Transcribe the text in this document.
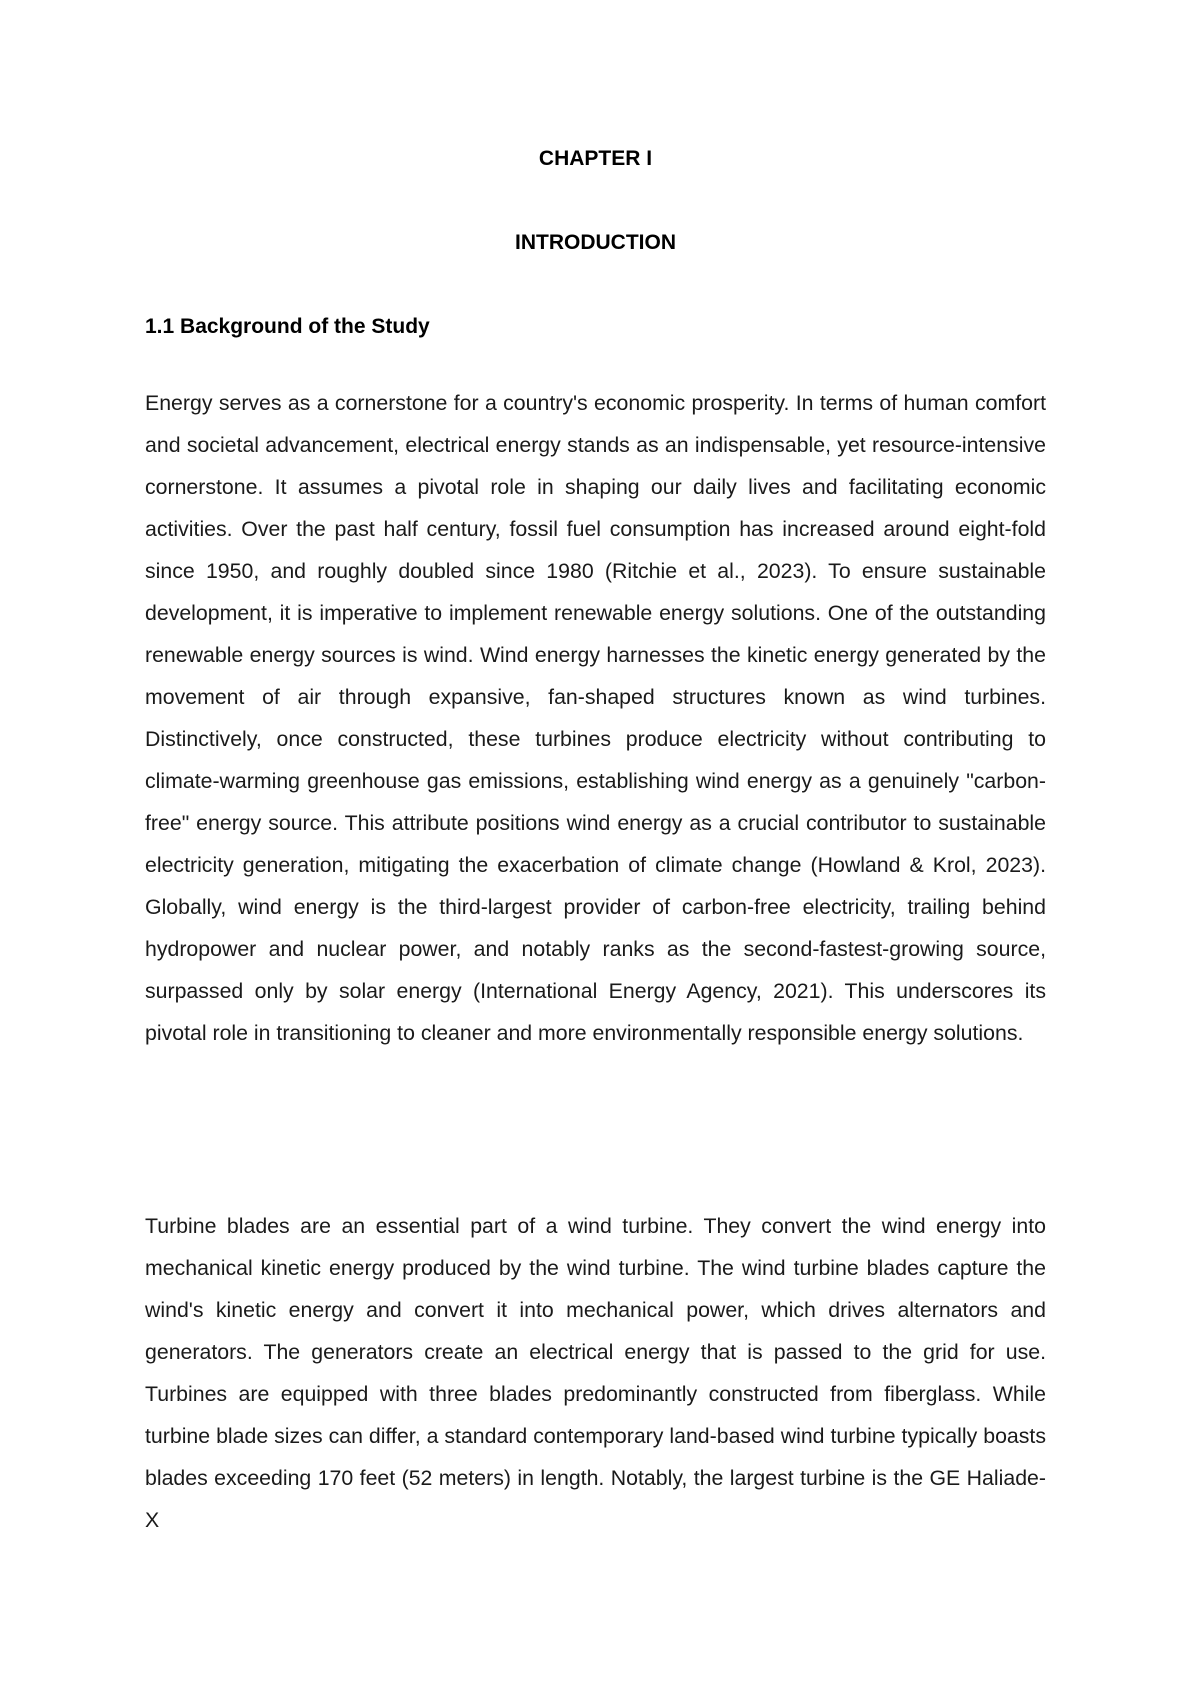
CHAPTER I
INTRODUCTION
1.1 Background of the Study

Energy serves as a cornerstone for a country's economic prosperity. In terms of human comfort and societal advancement, electrical energy stands as an indispensable, yet resource-intensive cornerstone. It assumes a pivotal role in shaping our daily lives and facilitating economic activities. Over the past half century, fossil fuel consumption has increased around eight-fold since 1950, and roughly doubled since 1980 (Ritchie et al., 2023). To ensure sustainable development, it is imperative to implement renewable energy solutions. One of the outstanding renewable energy sources is wind. Wind energy harnesses the kinetic energy generated by the movement of air through expansive, fan-shaped structures known as wind turbines. Distinctively, once constructed, these turbines produce electricity without contributing to climate-warming greenhouse gas emissions, establishing wind energy as a genuinely "carbon-free" energy source. This attribute positions wind energy as a crucial contributor to sustainable electricity generation, mitigating the exacerbation of climate change (Howland & Krol, 2023). Globally, wind energy is the third-largest provider of carbon-free electricity, trailing behind hydropower and nuclear power, and notably ranks as the second-fastest-growing source, surpassed only by solar energy (International Energy Agency, 2021). This underscores its pivotal role in transitioning to cleaner and more environmentally responsible energy solutions.

Turbine blades are an essential part of a wind turbine. They convert the wind energy into mechanical kinetic energy produced by the wind turbine. The wind turbine blades capture the wind's kinetic energy and convert it into mechanical power, which drives alternators and generators. The generators create an electrical energy that is passed to the grid for use. Turbines are equipped with three blades predominantly constructed from fiberglass. While turbine blade sizes can differ, a standard contemporary land-based wind turbine typically boasts blades exceeding 170 feet (52 meters) in length. Notably, the largest turbine is the GE Haliade-X
